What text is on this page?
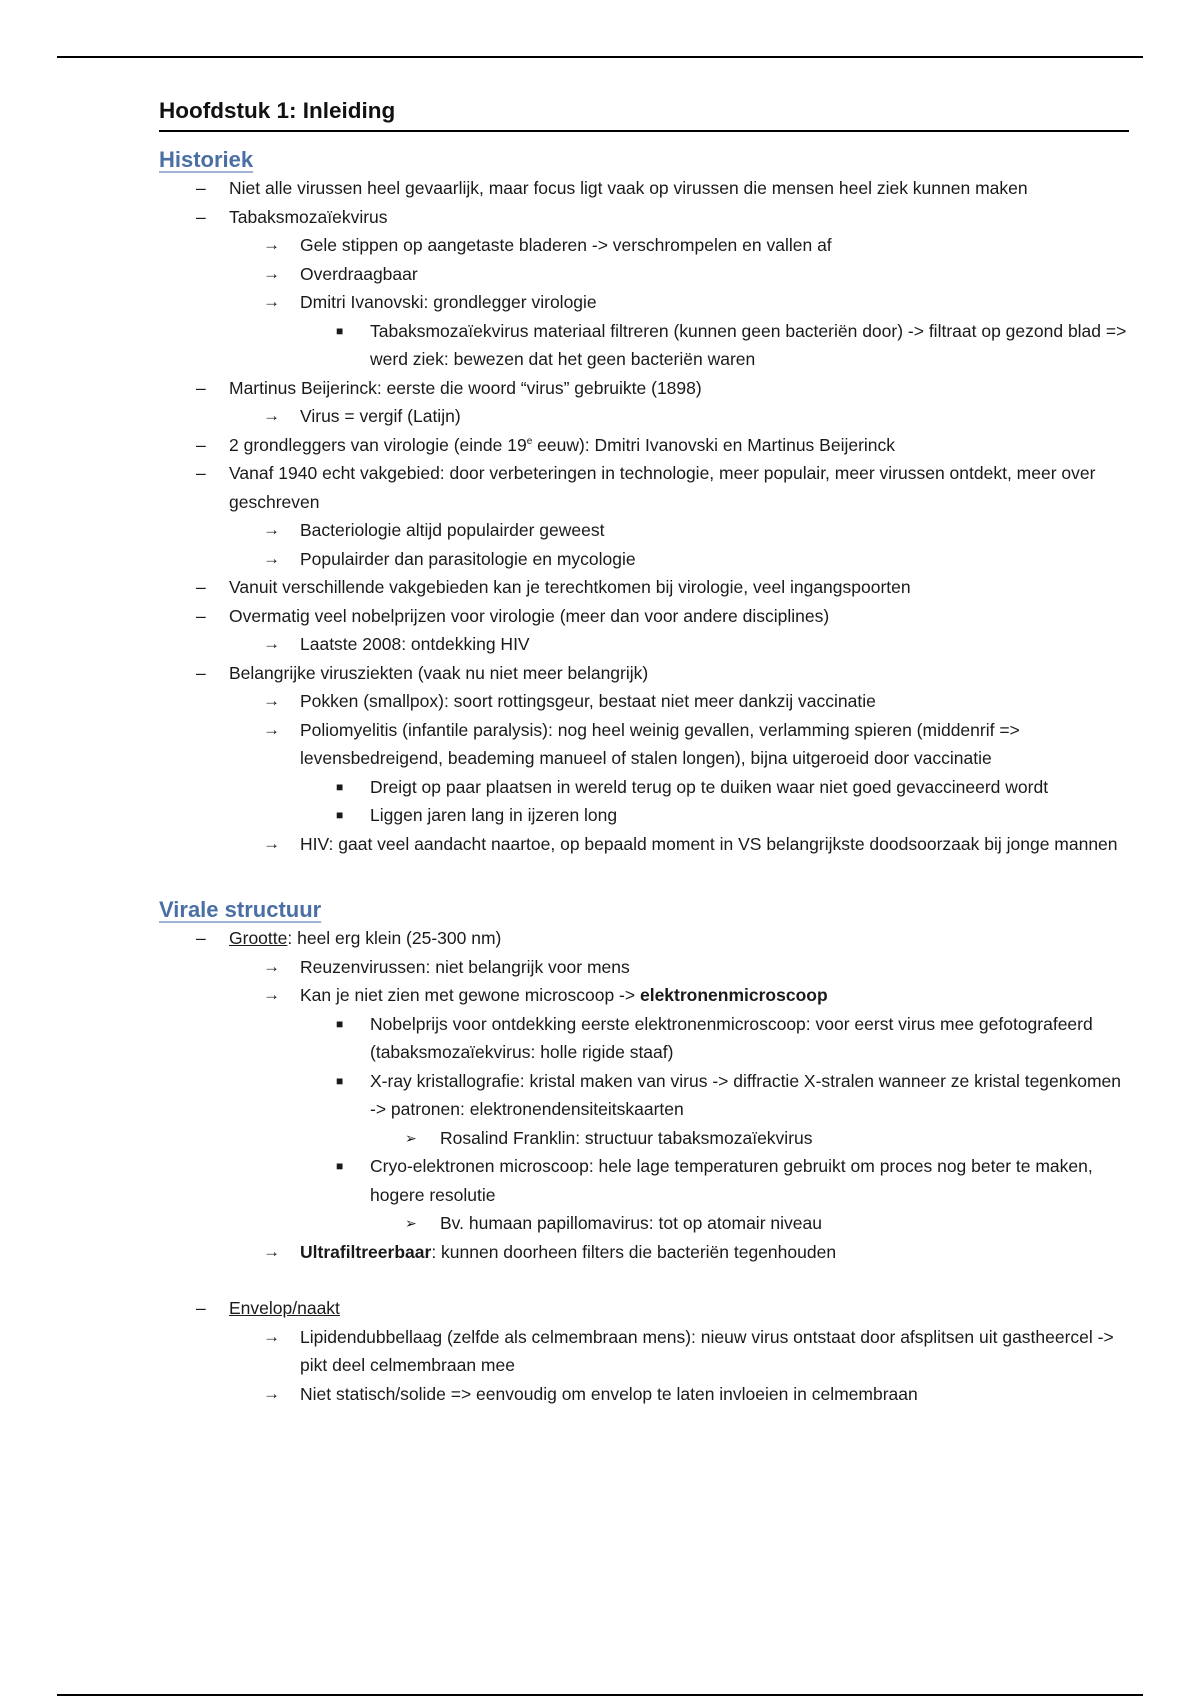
Hoofdstuk 1: Inleiding
Historiek
– Niet alle virussen heel gevaarlijk, maar focus ligt vaak op virussen die mensen heel ziek kunnen maken
– Tabaksmozaïekvirus
→ Gele stippen op aangetaste bladeren -> verschrompelen en vallen af
→ Overdraagbaar
→ Dmitri Ivanovski: grondlegger virologie
■ Tabaksmozaïekvirus materiaal filtreren (kunnen geen bacteriën door) -> filtraat op gezond blad => werd ziek: bewezen dat het geen bacteriën waren
– Martinus Beijerinck: eerste die woord “virus” gebruikte (1898)
→ Virus = vergif (Latijn)
– 2 grondleggers van virologie (einde 19e eeuw): Dmitri Ivanovski en Martinus Beijerinck
– Vanaf 1940 echt vakgebied: door verbeteringen in technologie, meer populair, meer virussen ontdekt, meer over geschreven
→ Bacteriologie altijd populairder geweest
→ Populairder dan parasitologie en mycologie
– Vanuit verschillende vakgebieden kan je terechtkomen bij virologie, veel ingangspoorten
– Overmatig veel nobelprijzen voor virologie (meer dan voor andere disciplines)
→ Laatste 2008: ontdekking HIV
– Belangrijke virusziekten (vaak nu niet meer belangrijk)
→ Pokken (smallpox): soort rottingsgeur, bestaat niet meer dankzij vaccinatie
→ Poliomyelitis (infantile paralysis): nog heel weinig gevallen, verlamming spieren (middenrif => levensbedreigend, beademing manueel of stalen longen), bijna uitgeroeid door vaccinatie
■ Dreigt op paar plaatsen in wereld terug op te duiken waar niet goed gevaccineerd wordt
■ Liggen jaren lang in ijzeren long
→ HIV: gaat veel aandacht naartoe, op bepaald moment in VS belangrijkste doodsoorzaak bij jonge mannen
Virale structuur
– Grootte: heel erg klein (25-300 nm)
→ Reuzenvirussen: niet belangrijk voor mens
→ Kan je niet zien met gewone microscoop -> elektronenmicroscoop
■ Nobelprijs voor ontdekking eerste elektronenmicroscoop: voor eerst virus mee gefotografeerd (tabaksmozaïekvirus: holle rigide staaf)
■ X-ray kristallografie: kristal maken van virus -> diffractie X-stralen wanneer ze kristal tegenkomen -> patronen: elektronendensiteitskaarten
➢ Rosalind Franklin: structuur tabaksmozaïekvirus
■ Cryo-elektronen microscoop: hele lage temperaturen gebruikt om proces nog beter te maken, hogere resolutie
➢ Bv. humaan papillomavirus: tot op atomair niveau
→ Ultrafiltreerbaar: kunnen doorheen filters die bacteriën tegenhouden
– Envelop/naakt
→ Lipidendubbellaag (zelfde als celmembraan mens): nieuw virus ontstaat door afsplitsen uit gastheercel -> pikt deel celmembraan mee
→ Niet statisch/solide => eenvoudig om envelop te laten invloeien in celmembraan
